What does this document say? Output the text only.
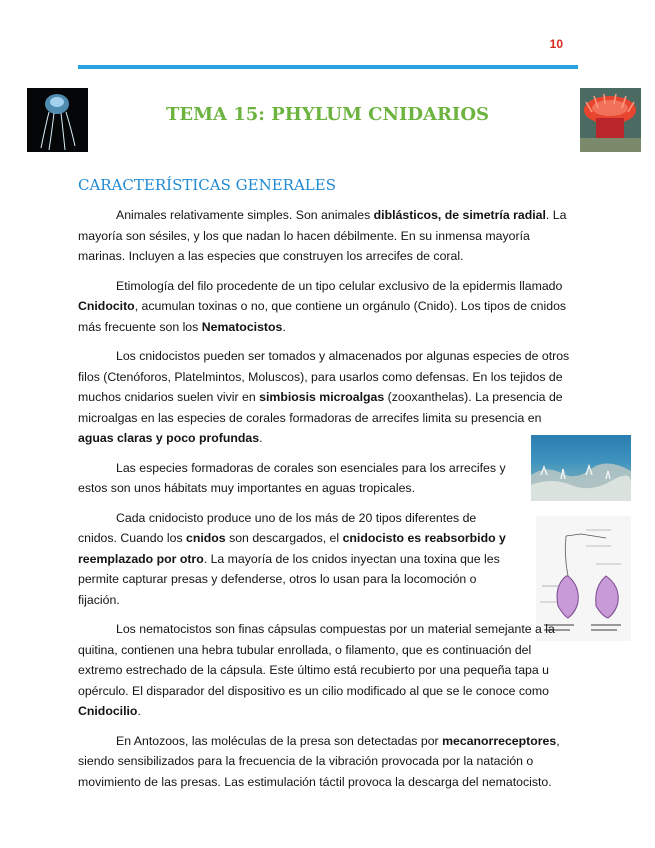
10
TEMA 15: PHYLUM CNIDARIOS
CARACTERÍSTICAS GENERALES

Animales relativamente simples. Son animales diblásticos, de simetría radial. La mayoría son sésiles, y los que nadan lo hacen débilmente. En su inmensa mayoría marinas. Incluyen a las especies que construyen los arrecifes de coral.

Etimología del filo procedente de un tipo celular exclusivo de la epidermis llamado Cnidocito, acumulan toxinas o no, que contiene un orgánulo (Cnido). Los tipos de cnidos más frecuente son los Nematocistos.

Los cnidocistos pueden ser tomados y almacenados por algunas especies de otros filos (Ctenóforos, Platelmintos, Moluscos), para usarlos como defensas. En los tejidos de muchos cnidarios suelen vivir en simbiosis microalgas (zooxanthelas). La presencia de microalgas en las especies de corales formadoras de arrecifes limita su presencia en aguas claras y poco profundas.

Las especies formadoras de corales son esenciales para los arrecifes y estos son unos hábitats muy importantes en aguas tropicales.

Cada cnidocisto produce uno de los más de 20 tipos diferentes de cnidos. Cuando los cnidos son descargados, el cnidocisto es reabsorbido y reemplazado por otro. La mayoría de los cnidos inyectan una toxina que les permite capturar presas y defenderse, otros lo usan para la locomoción o fijación.

Los nematocistos son finas cápsulas compuestas por un material semejante a la quitina, contienen una hebra tubular enrollada, o filamento, que es continuación del extremo estrechado de la cápsula. Este último está recubierto por una pequeña tapa u opérculo. El disparador del dispositivo es un cilio modificado al que se le conoce como Cnidocilio.

En Antozoos, las moléculas de la presa son detectadas por mecanorreceptores, siendo sensibilizados para la frecuencia de la vibración provocada por la natación o movimiento de las presas. Las estimulación táctil provoca la descarga del nematocisto.
